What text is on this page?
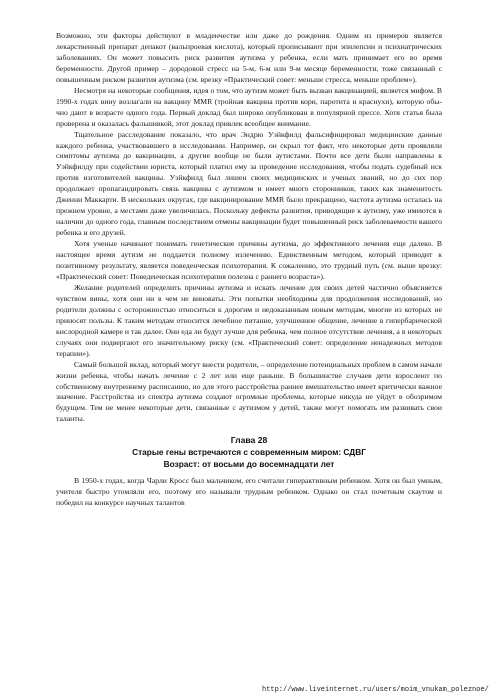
Возможно, эти факторы действуют в младенчестве или даже до рождения. Одним из примеров является лекарственный препарат депакот (вальпроевая кислота), который прописывают при эпилепсии и психиатрических заболеваниях. Он может повысить риск развития аутизма у ребенка, если мать принимает его во время беременности. Другой пример – дородовой стресс на 5-м, 6-м или 9-м месяце беременности, тоже связанный с повышенным риском развития аутизма (см. врезку «Практический совет: меньше стресса, меньше проблем»).

Несмотря на некоторые сообщения, идея о том, что аутизм может быть вызван вакцинацией, является мифом. В 1990-х годах вину возлагали на вакцину MMR (тройная вакцина против кори, паротита и краснухи), которую обы-чно дают в возрасте одного года. Первый доклад был широко опубликован в популярной прессе. Хотя статья была проверена и оказалась фальшивкой, этот доклад привлек всеобщее внимание.

Тщательное расследование показало, что врач Эндрю Уэйкфилд фальсифицировал медицинские данные каждого ребенка, участвовавшего в исследовании. Например, он скрыл тот факт, что некоторые дети проявляли симптомы аутизма до вакцинации, а другие вообще не были аутистами. Почти все дети были направлены к Уэйкфилду при содействии юриста, который платил ему за проведение исследования, чтобы подать судебный иск против изготовителей вакцины. Уэйкфилд был лишен своих медицинских и ученых званий, но до сих пор продолжает пропагандировать связь вакцины с аутизмом и имеет много сторонников, таких как знаменитость Дженни Маккарти. В нескольких округах, где вакцинирование MMR было прекращено, частота аутизма осталась на прежнем уровне, а местами даже увеличилась. Поскольку дефекты развития, приводящие к аутизму, уже имеются в наличии до одного года, главным последствием отмены вакцинации будет повышенный риск заболеваемости вашего ребенка и его друзей.

Хотя ученые начинают понимать генетические причины аутизма, до эффективного лечения еще далеко. В настоящее время аутизм не поддается полному излечению. Единственным методом, который приводит к позитивному результату, является поведенческая психотерапия. К сожалению, это трудный путь (см. выше врезку: «Практический совет: Поведенческая психотерапия полезна с раннего возраста»).

Желание родителей определить причины аутизма и искать лечение для своих детей частично объясняется чувством вины, хотя они ни в чем не виноваты. Эти попытки необходимы для продолжения исследований, но родители должны с осторожностью относиться к дорогим и недоказанным новым методам, многие из которых не приносят пользы. К таким методам относится лечебное питание, улучшенное общение, лечение в гипербарической кислородной камере и так далее. Они еда ли будут лучше для ребенка, чем полное отсутствие лечения, а в некоторых случаях они подвергают его значительному риску (см. «Практический совет: определение ненадежных методов терапии»).

Самый большой вклад, который могут внести родители, – определение потенциальных проблем в самом начале жизни ребенка, чтобы начать лечение с 2 лет или еще раньше. В большинстве случаев дети взрослеют по собственному внутреннему расписанию, но для этого расстройства раннее вмешательство имеет критически важное значение. Расстройства из спектра аутизма создают огромные проблемы, которые никуда не уйдут в обозримом будущем. Тем не менее некоторые дети, связанные с аутизмом у детей, также могут помогать им развивать свои таланты.

Глава 28

Старые гены встречаются с современным миром: СДВГ

Возраст: от восьми до восемнадцати лет

В 1950-х годах, когда Чарли Кросс был мальчиком, его считали гиперактивным ребенком. Хотя он был умным, учителя быстро утомляли его, поэтому его называли трудным ребенком. Однако он стал почетным скаутом и победил на конкурсе научных талантов

http://www.liveinternet.ru/users/moim_vnukam_poleznoe/
